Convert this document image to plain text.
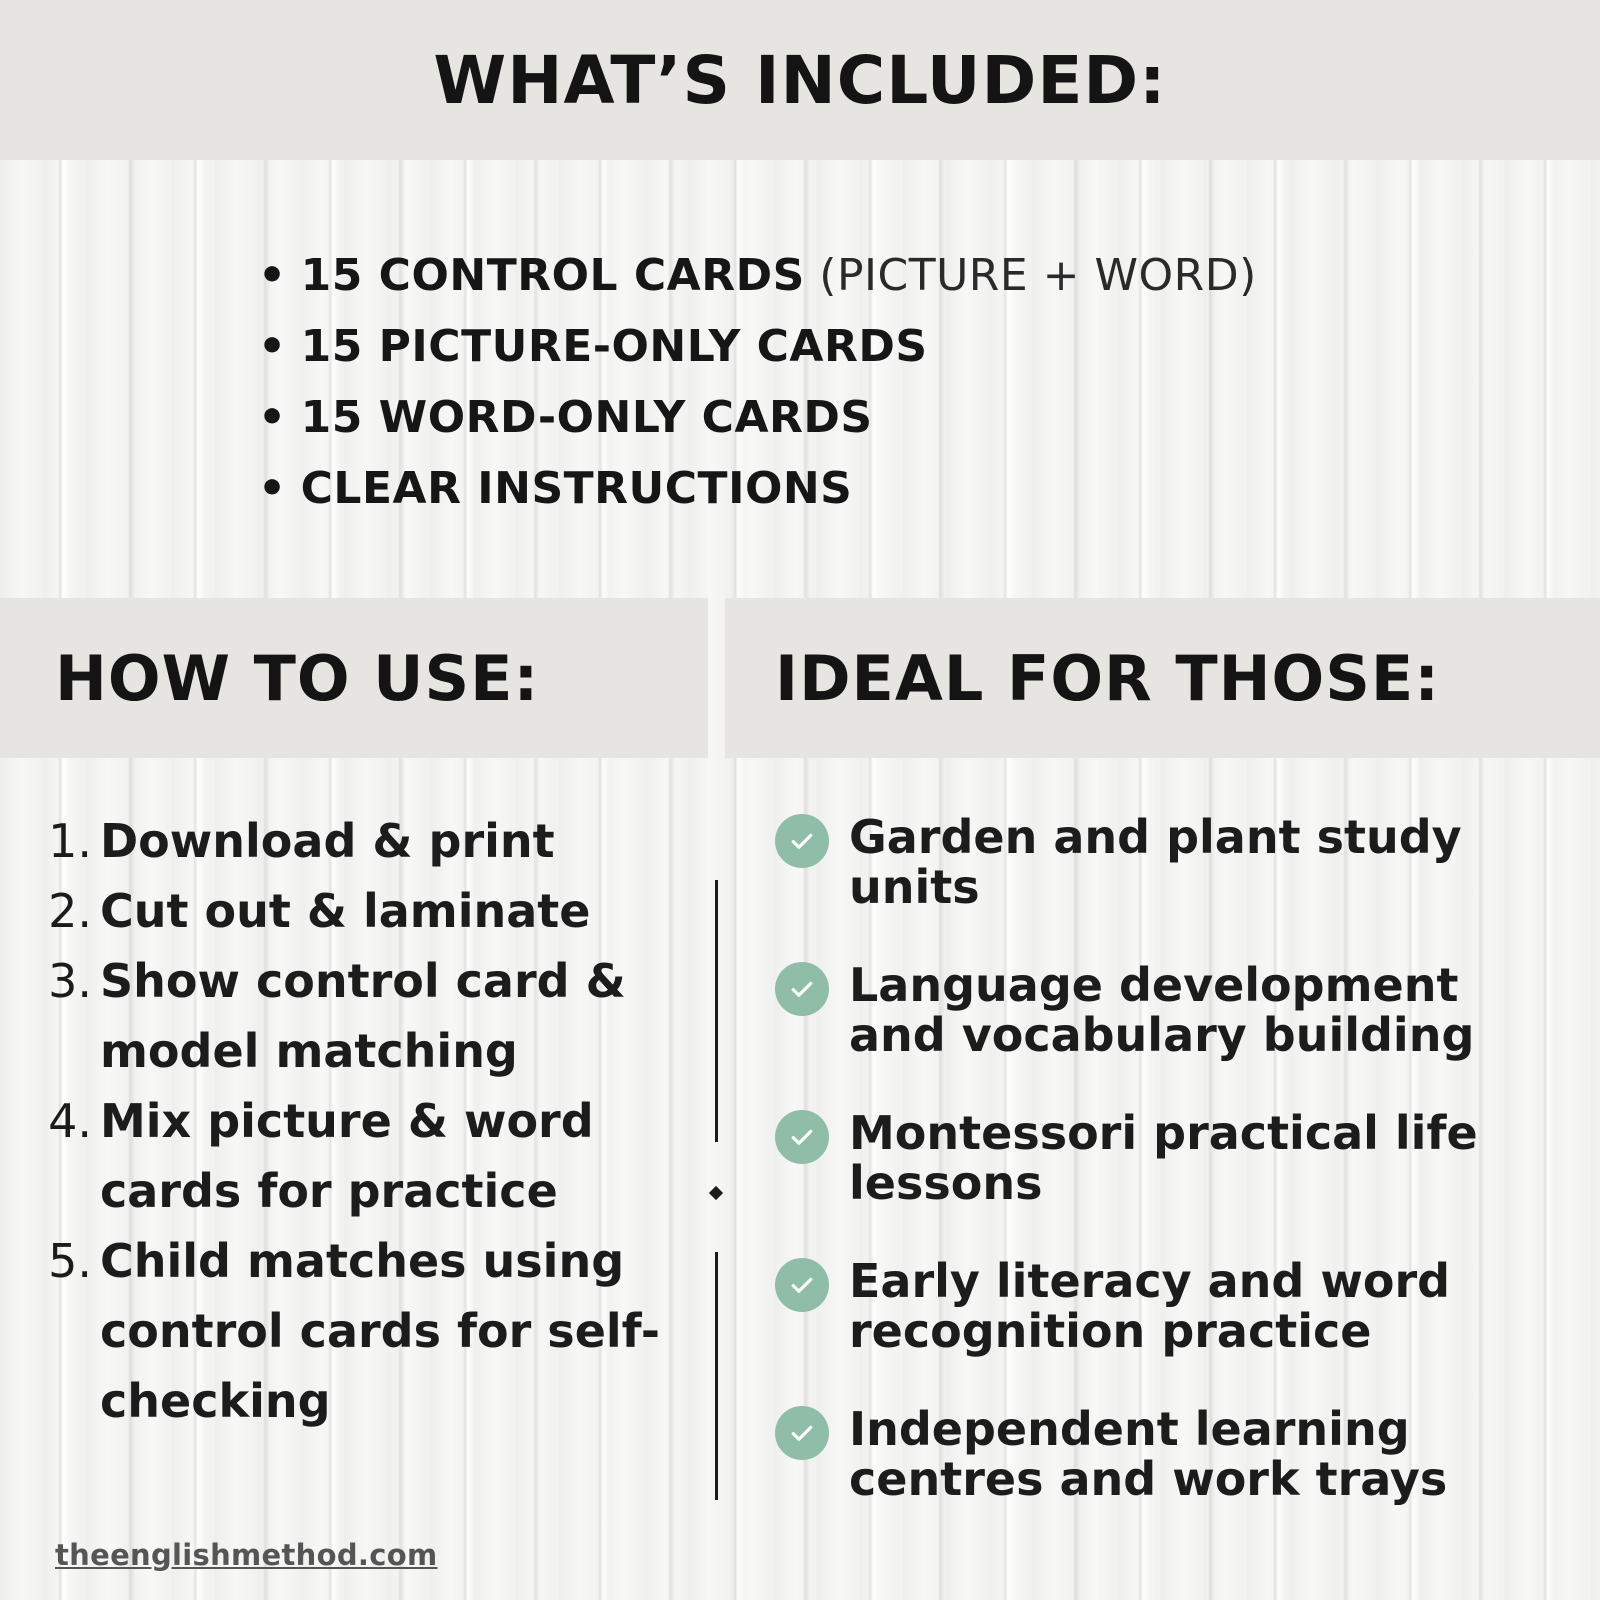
WHAT’S INCLUDED:
• 15 CONTROL CARDS (PICTURE + WORD)
• 15 PICTURE-ONLY CARDS
• 15 WORD-ONLY CARDS
• CLEAR INSTRUCTIONS
HOW TO USE:	IDEAL FOR THOSE:
1. Download & print
2. Cut out & laminate
3. Show control card & model matching
4. Mix picture & word cards for practice
5. Child matches using control cards for self-checking
Garden and plant study units
Language development and vocabulary building
Montessori practical life lessons
Early literacy and word recognition practice
Independent learning centres and work trays
theenglishmethod.com
